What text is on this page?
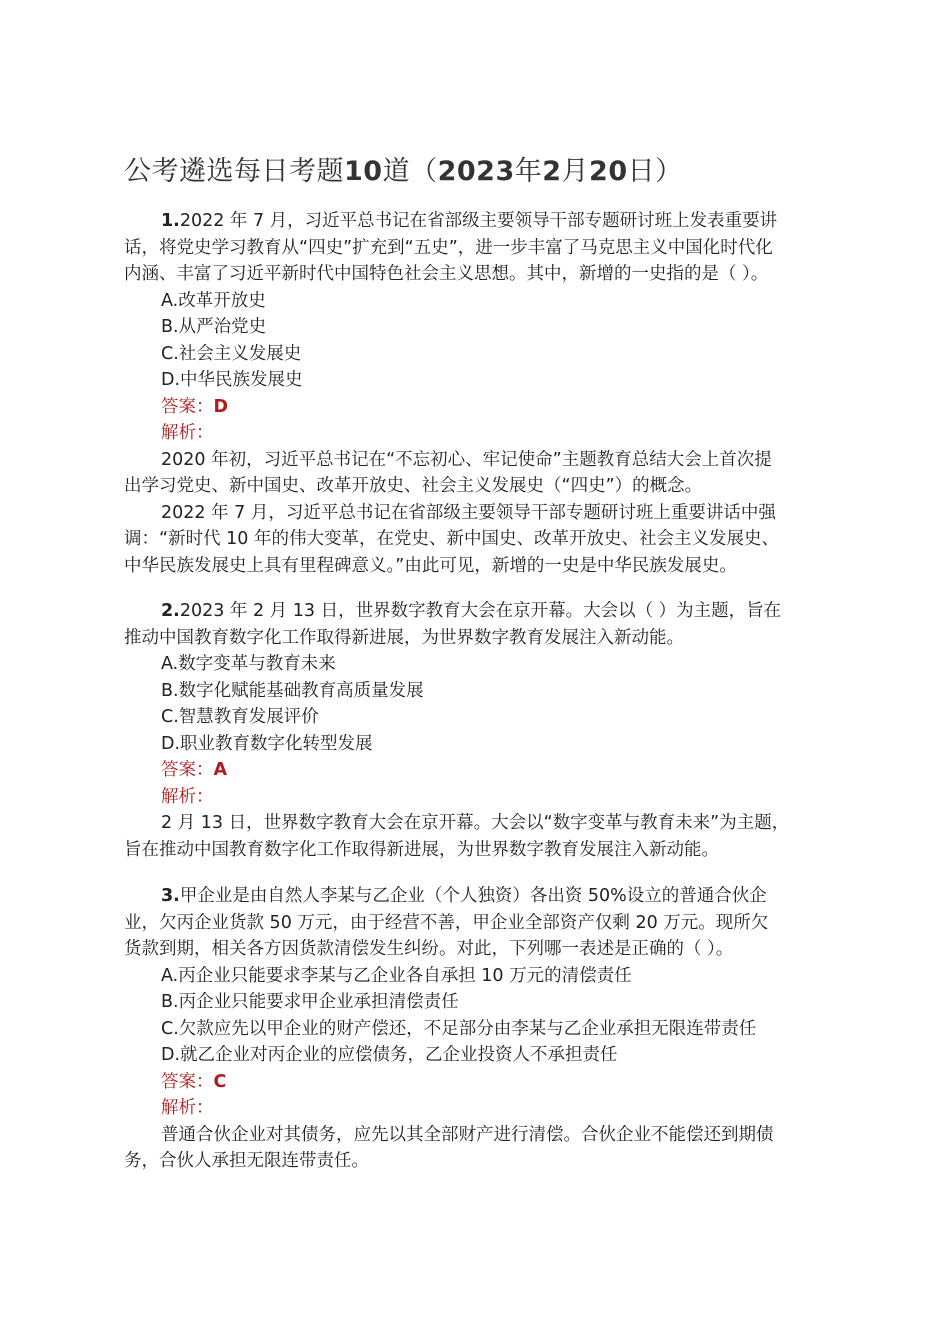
公考遴选每日考题10道（2023年2月20日）
1.2022 年 7 月，习近平总书记在省部级主要领导干部专题研讨班上发表重要讲
话，将党史学习教育从“四史”扩充到“五史”，进一步丰富了马克思主义中国化时代化
内涵、丰富了习近平新时代中国特色社会主义思想。其中，新增的一史指的是（ ）。
A.改革开放史
B.从严治党史
C.社会主义发展史
D.中华民族发展史
答案：D
解析：
2020 年初，习近平总书记在“不忘初心、牢记使命”主题教育总结大会上首次提
出学习党史、新中国史、改革开放史、社会主义发展史（“四史”）的概念。
2022 年 7 月，习近平总书记在省部级主要领导干部专题研讨班上重要讲话中强
调：“新时代 10 年的伟大变革，在党史、新中国史、改革开放史、社会主义发展史、
中华民族发展史上具有里程碑意义。”由此可见，新增的一史是中华民族发展史。
2.2023 年 2 月 13 日，世界数字教育大会在京开幕。大会以（ ）为主题，旨在
推动中国教育数字化工作取得新进展，为世界数字教育发展注入新动能。
A.数字变革与教育未来
B.数字化赋能基础教育高质量发展
C.智慧教育发展评价
D.职业教育数字化转型发展
答案：A
解析：
2 月 13 日，世界数字教育大会在京开幕。大会以“数字变革与教育未来”为主题，
旨在推动中国教育数字化工作取得新进展，为世界数字教育发展注入新动能。
3.甲企业是由自然人李某与乙企业（个人独资）各出资 50%设立的普通合伙企
业，欠丙企业货款 50 万元，由于经营不善，甲企业全部资产仅剩 20 万元。现所欠
货款到期，相关各方因货款清偿发生纠纷。对此，下列哪一表述是正确的（ ）。
A.丙企业只能要求李某与乙企业各自承担 10 万元的清偿责任
B.丙企业只能要求甲企业承担清偿责任
C.欠款应先以甲企业的财产偿还，不足部分由李某与乙企业承担无限连带责任
D.就乙企业对丙企业的应偿债务，乙企业投资人不承担责任
答案：C
解析：
普通合伙企业对其债务，应先以其全部财产进行清偿。合伙企业不能偿还到期债
务，合伙人承担无限连带责任。
